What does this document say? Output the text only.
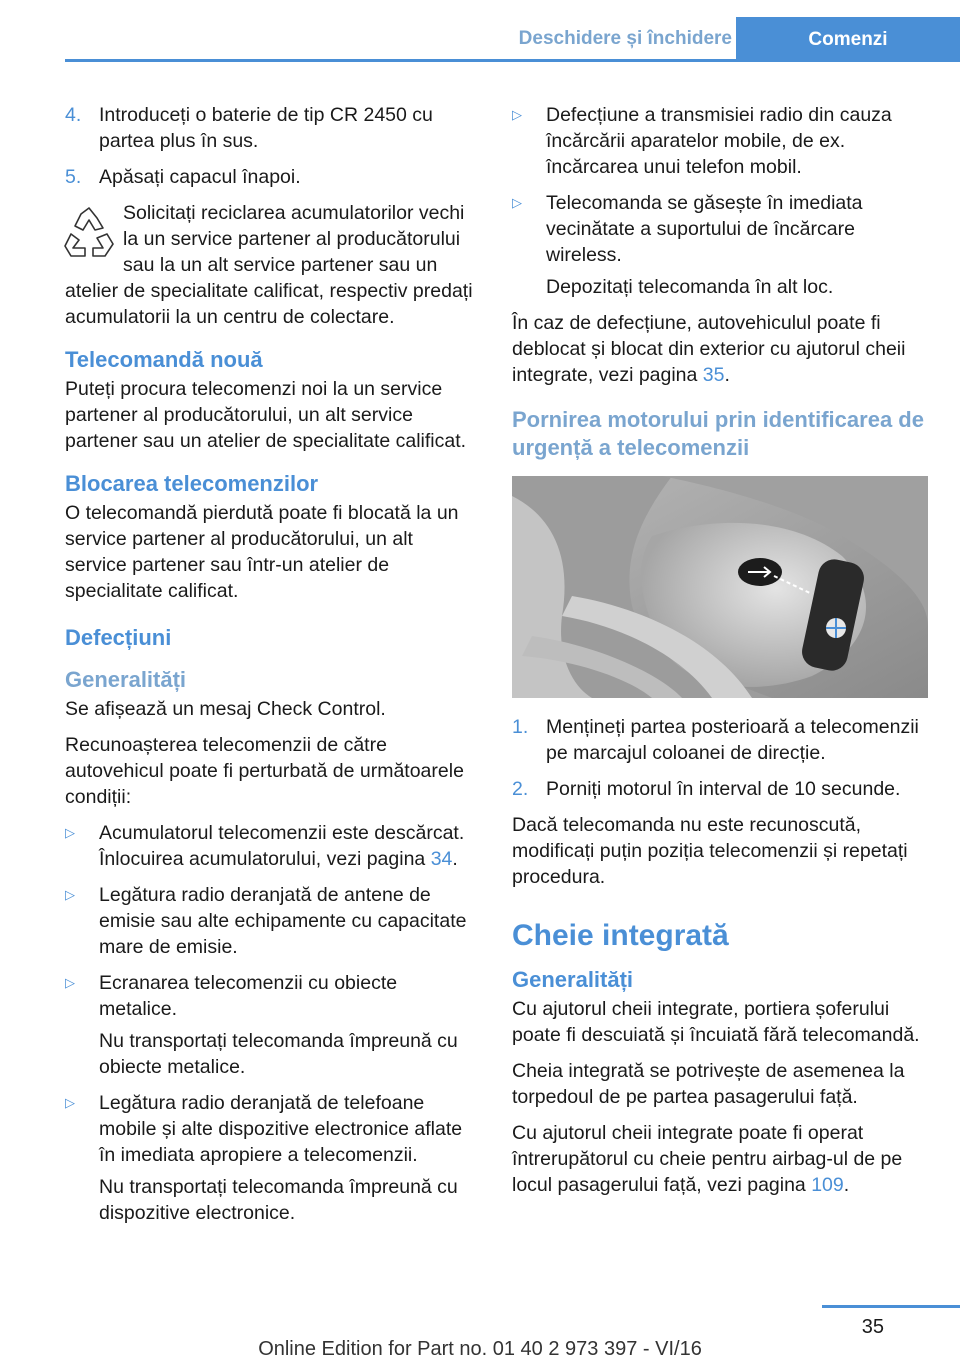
Deschidere și închidere	Comenzi
4. Introduceți o baterie de tip CR 2450 cu partea plus în sus.
5. Apăsați capacul înapoi.
Solicitați reciclarea acumulatorilor vechi la un service partener al producătorului sau la un alt service partener sau un atelier de specialitate calificat, respectiv predați acumulatorii la un centru de colectare.
Telecomandă nouă

Puteți procura telecomenzi noi la un service partener al producătorului, un alt service partener sau un atelier de specialitate calificat.

Blocarea telecomenzilor

O telecomandă pierdută poate fi blocată la un service partener al producătorului, un alt service partener sau într-un atelier de specialitate calificat.

Defecțiuni
Generalități

Se afișează un mesaj Check Control.

Recunoașterea telecomenzii de către autovehicul poate fi perturbată de următoarele condiții:

▷	Acumulatorul telecomenzii este descărcat.
Înlocuirea acumulatorului, vezi pagina 34.
▷	Legătura radio deranjată de antene de emisie sau alte echipamente cu capacitate mare de emisie.
▷	Ecranarea telecomenzii cu obiecte metalice.
Nu transportați telecomanda împreună cu obiecte metalice.
▷	Legătura radio deranjată de telefoane mobile și alte dispozitive electronice aflate în imediata apropiere a telecomenzii.
Nu transportați telecomanda împreună cu dispozitive electronice.
▷	Defecțiune a transmisiei radio din cauza încărcării aparatelor mobile, de ex. încărcarea unui telefon mobil.
▷	Telecomanda se găsește în imediata vecinătate a suportului de încărcare wireless.
Depozitați telecomanda în alt loc.

În caz de defecțiune, autovehiculul poate fi deblocat și blocat din exterior cu ajutorul cheii integrate, vezi pagina 35.

Pornirea motorului prin identificarea de urgență a telecomenzii
1. Mențineți partea posterioară a telecomenzii pe marcajul coloanei de direcție.
2. Porniți motorul în interval de 10 secunde.

Dacă telecomanda nu este recunoscută, modificați puțin poziția telecomenzii și repetați procedura.

Cheie integrată
Generalități

Cu ajutorul cheii integrate, portiera șoferului poate fi descuiată și încuiată fără telecomandă.

Cheia integrată se potrivește de asemenea la torpedoul de pe partea pasagerului față.

Cu ajutorul cheii integrate poate fi operat întrerupătorul cu cheie pentru airbag-ul de pe locul pasagerului față, vezi pagina 109.

35
Online Edition for Part no. 01 40 2 973 397 - VI/16
